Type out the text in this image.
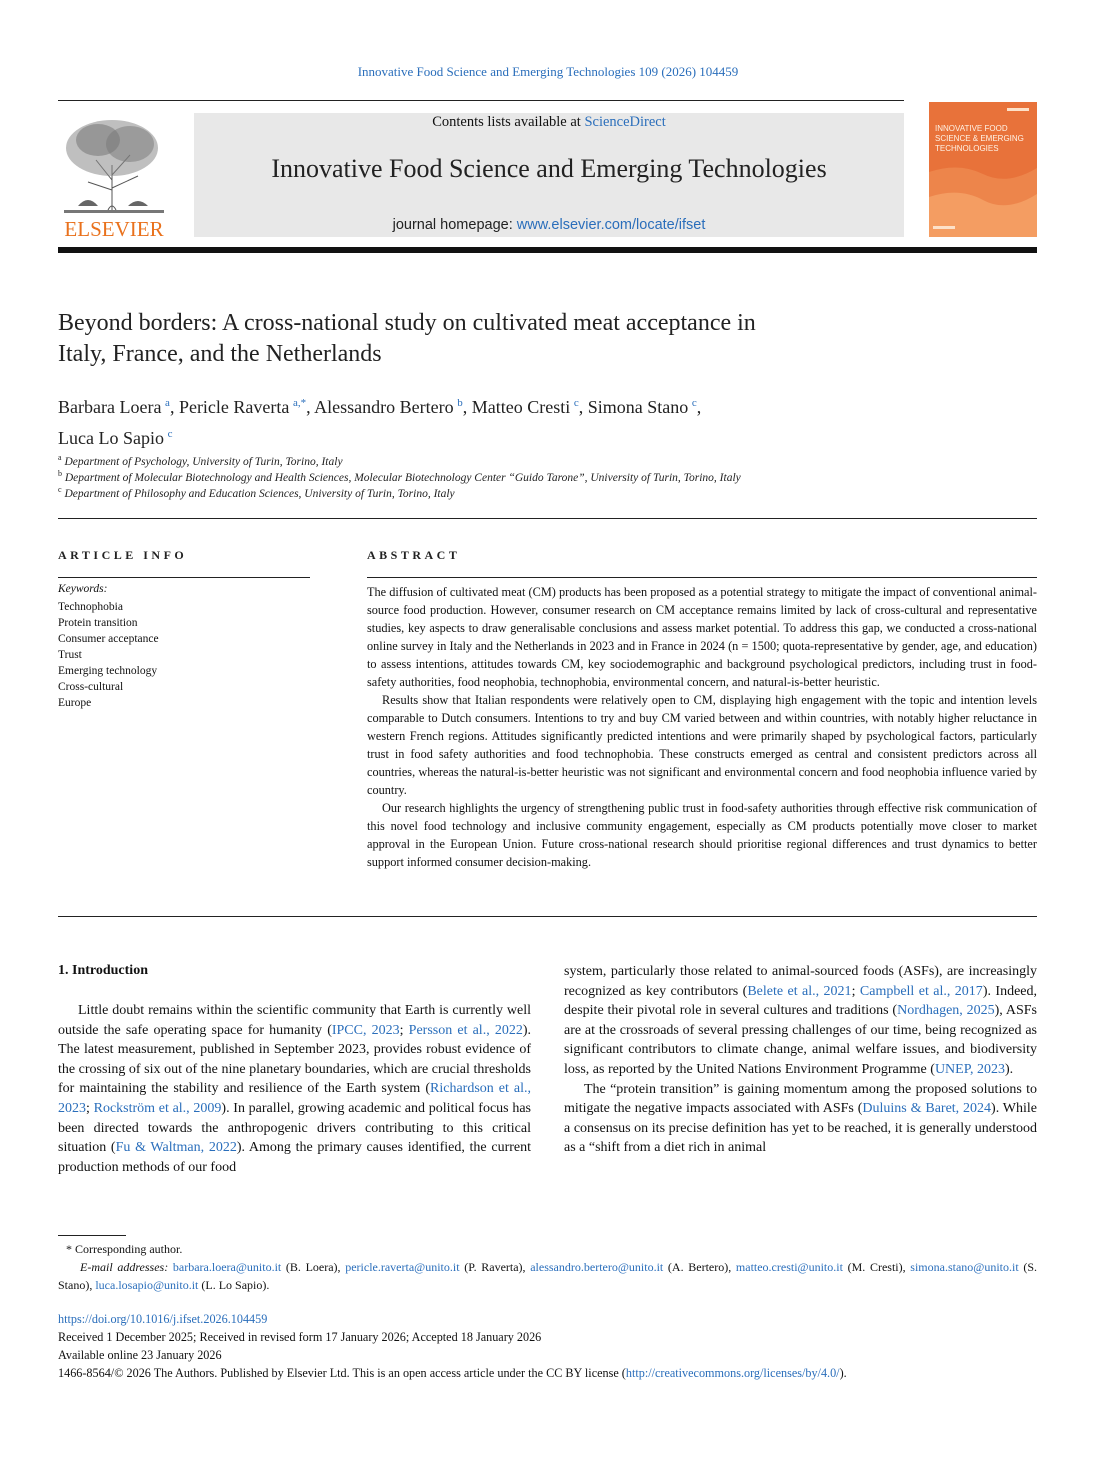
Innovative Food Science and Emerging Technologies 109 (2026) 104459
ELSEVIER
Contents lists available at ScienceDirect
Innovative Food Science and Emerging Technologies
journal homepage: www.elsevier.com/locate/ifset
INNOVATIVE FOOD SCIENCE & EMERGING TECHNOLOGIES
Beyond borders: A cross-national study on cultivated meat acceptance in
Italy, France, and the Netherlands
Barbara Loera  $^a$, Pericle Raverta  $^{a,*}$, Alessandro Bertero  $^b$, Matteo Cresti  $^c$, Simona Stano  $^c$,
Luca Lo Sapio  $^c$
$^a$ Department of Psychology, University of Turin, Torino, Italy
$^b$ Department of Molecular Biotechnology and Health Sciences, Molecular Biotechnology Center “Guido Tarone”, University of Turin, Torino, Italy
$^c$ Department of Philosophy and Education Sciences, University of Turin, Torino, Italy
ARTICLE INFO
Keywords:
Technophobia
Protein transition
Consumer acceptance
Trust
Emerging technology
Cross-cultural
Europe
ABSTRACT

The diffusion of cultivated meat (CM) products has been proposed as a potential strategy to mitigate the impact of conventional animal-source food production. However, consumer research on CM acceptance remains limited by lack of cross-cultural and representative studies, key aspects to draw generalisable conclusions and assess market potential. To address this gap, we conducted a cross-national online survey in Italy and the Netherlands in 2023 and in France in 2024 (n = 1500; quota-representative by gender, age, and education) to assess intentions, attitudes towards CM, key sociodemographic and background psychological predictors, including trust in food-safety authorities, food neophobia, technophobia, environmental concern, and natural-is-better heuristic.

Results show that Italian respondents were relatively open to CM, displaying high engagement with the topic and intention levels comparable to Dutch consumers. Intentions to try and buy CM varied between and within countries, with notably higher reluctance in western French regions. Attitudes significantly predicted intentions and were primarily shaped by psychological factors, particularly trust in food safety authorities and food technophobia. These constructs emerged as central and consistent predictors across all countries, whereas the natural-is-better heuristic was not significant and environmental concern and food neophobia influence varied by country.

Our research highlights the urgency of strengthening public trust in food-safety authorities through effective risk communication of this novel food technology and inclusive community engagement, especially as CM products potentially move closer to market approval in the European Union. Future cross-national research should prioritise regional differences and trust dynamics to better support informed consumer decision-making.

1. Introduction

Little doubt remains within the scientific community that Earth is currently well outside the safe operating space for humanity (IPCC, 2023; Persson et al., 2022). The latest measurement, published in September 2023, provides robust evidence of the crossing of six out of the nine planetary boundaries, which are crucial thresholds for maintaining the stability and resilience of the Earth system (Richardson et al., 2023; Rockström et al., 2009). In parallel, growing academic and political focus has been directed towards the anthropogenic drivers contributing to this critical situation (Fu & Waltman, 2022). Among the primary causes identified, the current production methods of our food

system, particularly those related to animal-sourced foods (ASFs), are increasingly recognized as key contributors (Belete et al., 2021; Campbell et al., 2017). Indeed, despite their pivotal role in several cultures and traditions (Nordhagen, 2025), ASFs are at the crossroads of several pressing challenges of our time, being recognized as significant contributors to climate change, animal welfare issues, and biodiversity loss, as reported by the United Nations Environment Programme (UNEP, 2023).

The “protein transition” is gaining momentum among the proposed solutions to mitigate the negative impacts associated with ASFs (Duluins & Baret, 2024). While a consensus on its precise definition has yet to be reached, it is generally understood as a “shift from a diet rich in animal

* Corresponding author.

E-mail addresses: barbara.loera@unito.it (B. Loera), pericle.raverta@unito.it (P. Raverta), alessandro.bertero@unito.it (A. Bertero), matteo.cresti@unito.it (M. Cresti), simona.stano@unito.it (S. Stano), luca.losapio@unito.it (L. Lo Sapio).

https://doi.org/10.1016/j.ifset.2026.104459
Received 1 December 2025; Received in revised form 17 January 2026; Accepted 18 January 2026
Available online 23 January 2026
1466-8564/© 2026 The Authors. Published by Elsevier Ltd. This is an open access article under the CC BY license (http://creativecommons.org/licenses/by/4.0/).
